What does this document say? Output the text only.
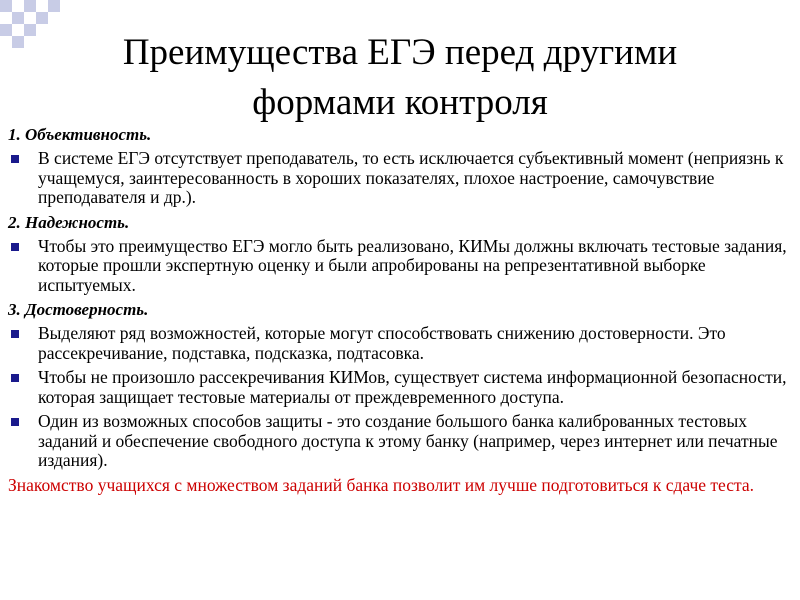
Преимущества ЕГЭ перед другими
формами контроля

1. Объективность.

В системе ЕГЭ отсутствует преподаватель, то есть исключается субъективный момент (неприязнь к учащемуся, заинтересованность в хороших показателях, плохое настроение, самочувствие преподавателя и др.).

2. Надежность.

Чтобы это преимущество ЕГЭ могло быть реализовано, КИМы должны включать тестовые задания, которые прошли экспертную оценку и были апробированы на репрезентативной выборке испытуемых.

3. Достоверность.

Выделяют ряд возможностей, которые могут способствовать снижению достоверности. Это рассекречивание, подставка, подсказка, подтасовка.
Чтобы не произошло рассекречивания КИМов, существует система информационной безопасности, которая защищает тестовые материалы от преждевременного доступа.
Один из возможных способов защиты - это создание большого банка калиброванных тестовых заданий и обеспечение свободного доступа к этому банку (например, через интернет или печатные издания).

Знакомство учащихся с множеством заданий банка позволит им лучше подготовиться к сдаче теста.
